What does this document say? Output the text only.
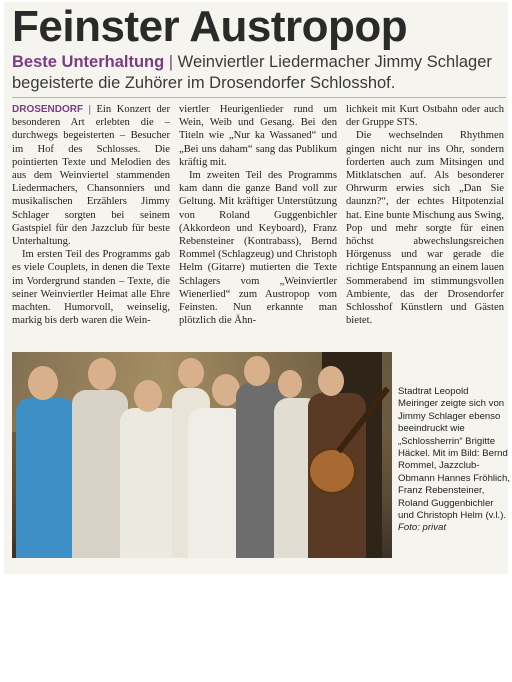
Feinster Austropop
Beste Unterhaltung | Weinviertler Liedermacher Jimmy Schlager begeisterte die Zuhörer im Drosendorfer Schlosshof.

DROSENDORF | Ein Konzert der besonderen Art erlebten die – durchwegs begeisterten – Besucher im Hof des Schlosses. Die pointierten Texte und Melodien des aus dem Weinviertel stammenden Liedermachers, Chansonniers und musikalischen Erzählers Jimmy Schlager sorgten bei seinem Gastspiel für den Jazzclub für beste Unterhaltung.

Im ersten Teil des Programms gab es viele Couplets, in denen die Texte im Vordergrund standen – Texte, die seiner Weinviertler Heimat alle Ehre machten. Humorvoll, weinselig, markig bis derb waren die Wein-

viertler Heurigenlieder rund um Wein, Weib und Gesang. Bei den Titeln wie „Nur ka Wassaned“ und „Bei uns daham“ sang das Publikum kräftig mit.

Im zweiten Teil des Programms kam dann die ganze Band voll zur Geltung. Mit kräftiger Unterstützung von Roland Guggenbichler (Akkordeon und Keyboard), Franz Rebensteiner (Kontrabass), Bernd Rommel (Schlagzeug) und Christoph Helm (Gitarre) mutierten die Texte Schlagers vom „Weinviertler Wienerlied“ zum Austropop vom Feinsten. Nun erkannte man plötzlich die Ähn-

lichkeit mit Kurt Ostbahn oder auch der Gruppe STS.

Die wechselnden Rhythmen gingen nicht nur ins Ohr, sondern forderten auch zum Mitsingen und Mitklatschen auf. Als besonderer Ohrwurm erwies sich „Dan Sie daunzn?“, der echtes Hitpotenzial hat. Eine bunte Mischung aus Swing, Pop und mehr sorgte für einen höchst abwechslungsreichen Hörgenuss und war gerade die richtige Entspannung an einem lauen Sommerabend im stimmungsvollen Ambiente, das der Drosendorfer Schlosshof Künstlern und Gästen bietet.

Stadtrat Leopold Meiringer zeigte sich von Jimmy Schlager ebenso beeindruckt wie „Schlossherrin“ Brigitte Häckel. Mit im Bild: Bernd Rommel, Jazzclub-Obmann Hannes Fröhlich, Franz Rebensteiner, Roland Guggenbichler und Christoph Helm (v.l.). Foto: privat
